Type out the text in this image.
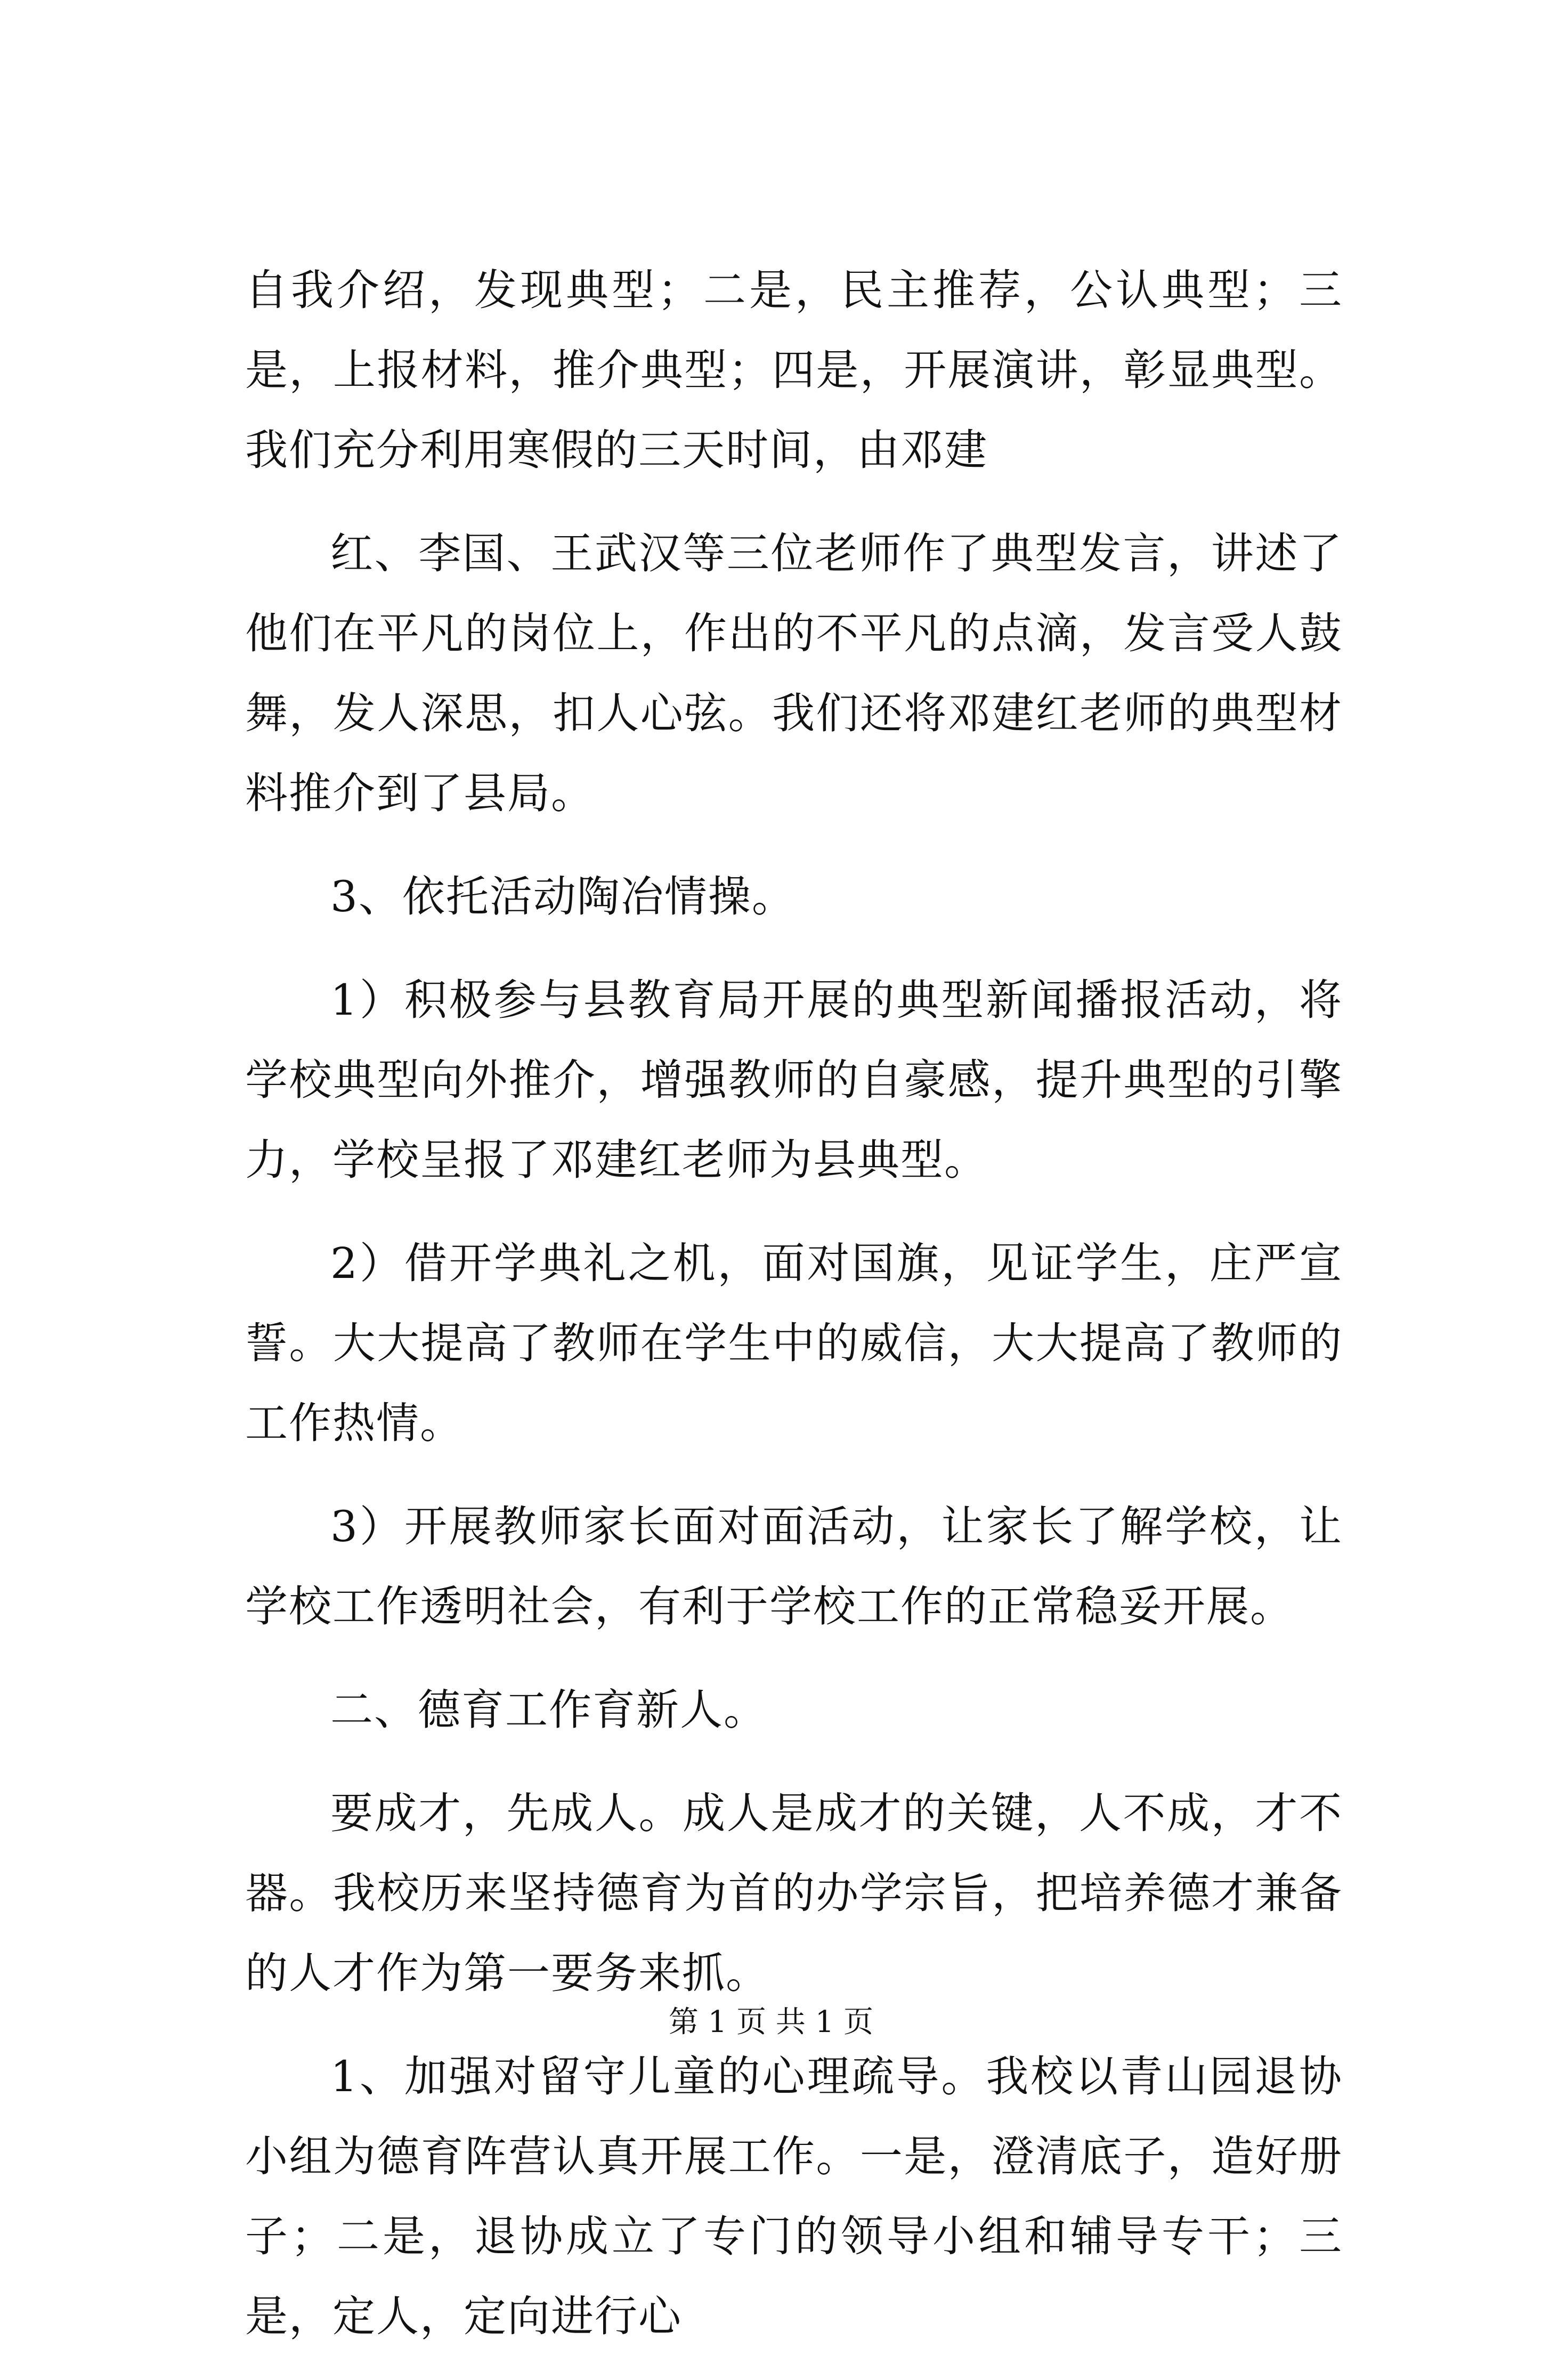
自我介绍，发现典型；二是，民主推荐，公认典型；三是，上报材料，推介典型；四是，开展演讲，彰显典型。我们充分利用寒假的三天时间，由邓建

红、李国、王武汉等三位老师作了典型发言，讲述了他们在平凡的岗位上，作出的不平凡的点滴，发言受人鼓舞，发人深思，扣人心弦。我们还将邓建红老师的典型材料推介到了县局。

3、依托活动陶冶情操。

1）积极参与县教育局开展的典型新闻播报活动，将学校典型向外推介，增强教师的自豪感，提升典型的引擎力，学校呈报了邓建红老师为县典型。

2）借开学典礼之机，面对国旗，见证学生，庄严宣誓。大大提高了教师在学生中的威信，大大提高了教师的工作热情。

3）开展教师家长面对面活动，让家长了解学校，让学校工作透明社会，有利于学校工作的正常稳妥开展。

二、德育工作育新人。

要成才，先成人。成人是成才的关键，人不成，才不器。我校历来坚持德育为首的办学宗旨，把培养德才兼备的人才作为第一要务来抓。

1、加强对留守儿童的心理疏导。我校以青山园退协小组为德育阵营认真开展工作。一是，澄清底子，造好册子；二是，退协成立了专门的领导小组和辅导专干；三是，定人，定向进行心

第 1 页 共 1 页
